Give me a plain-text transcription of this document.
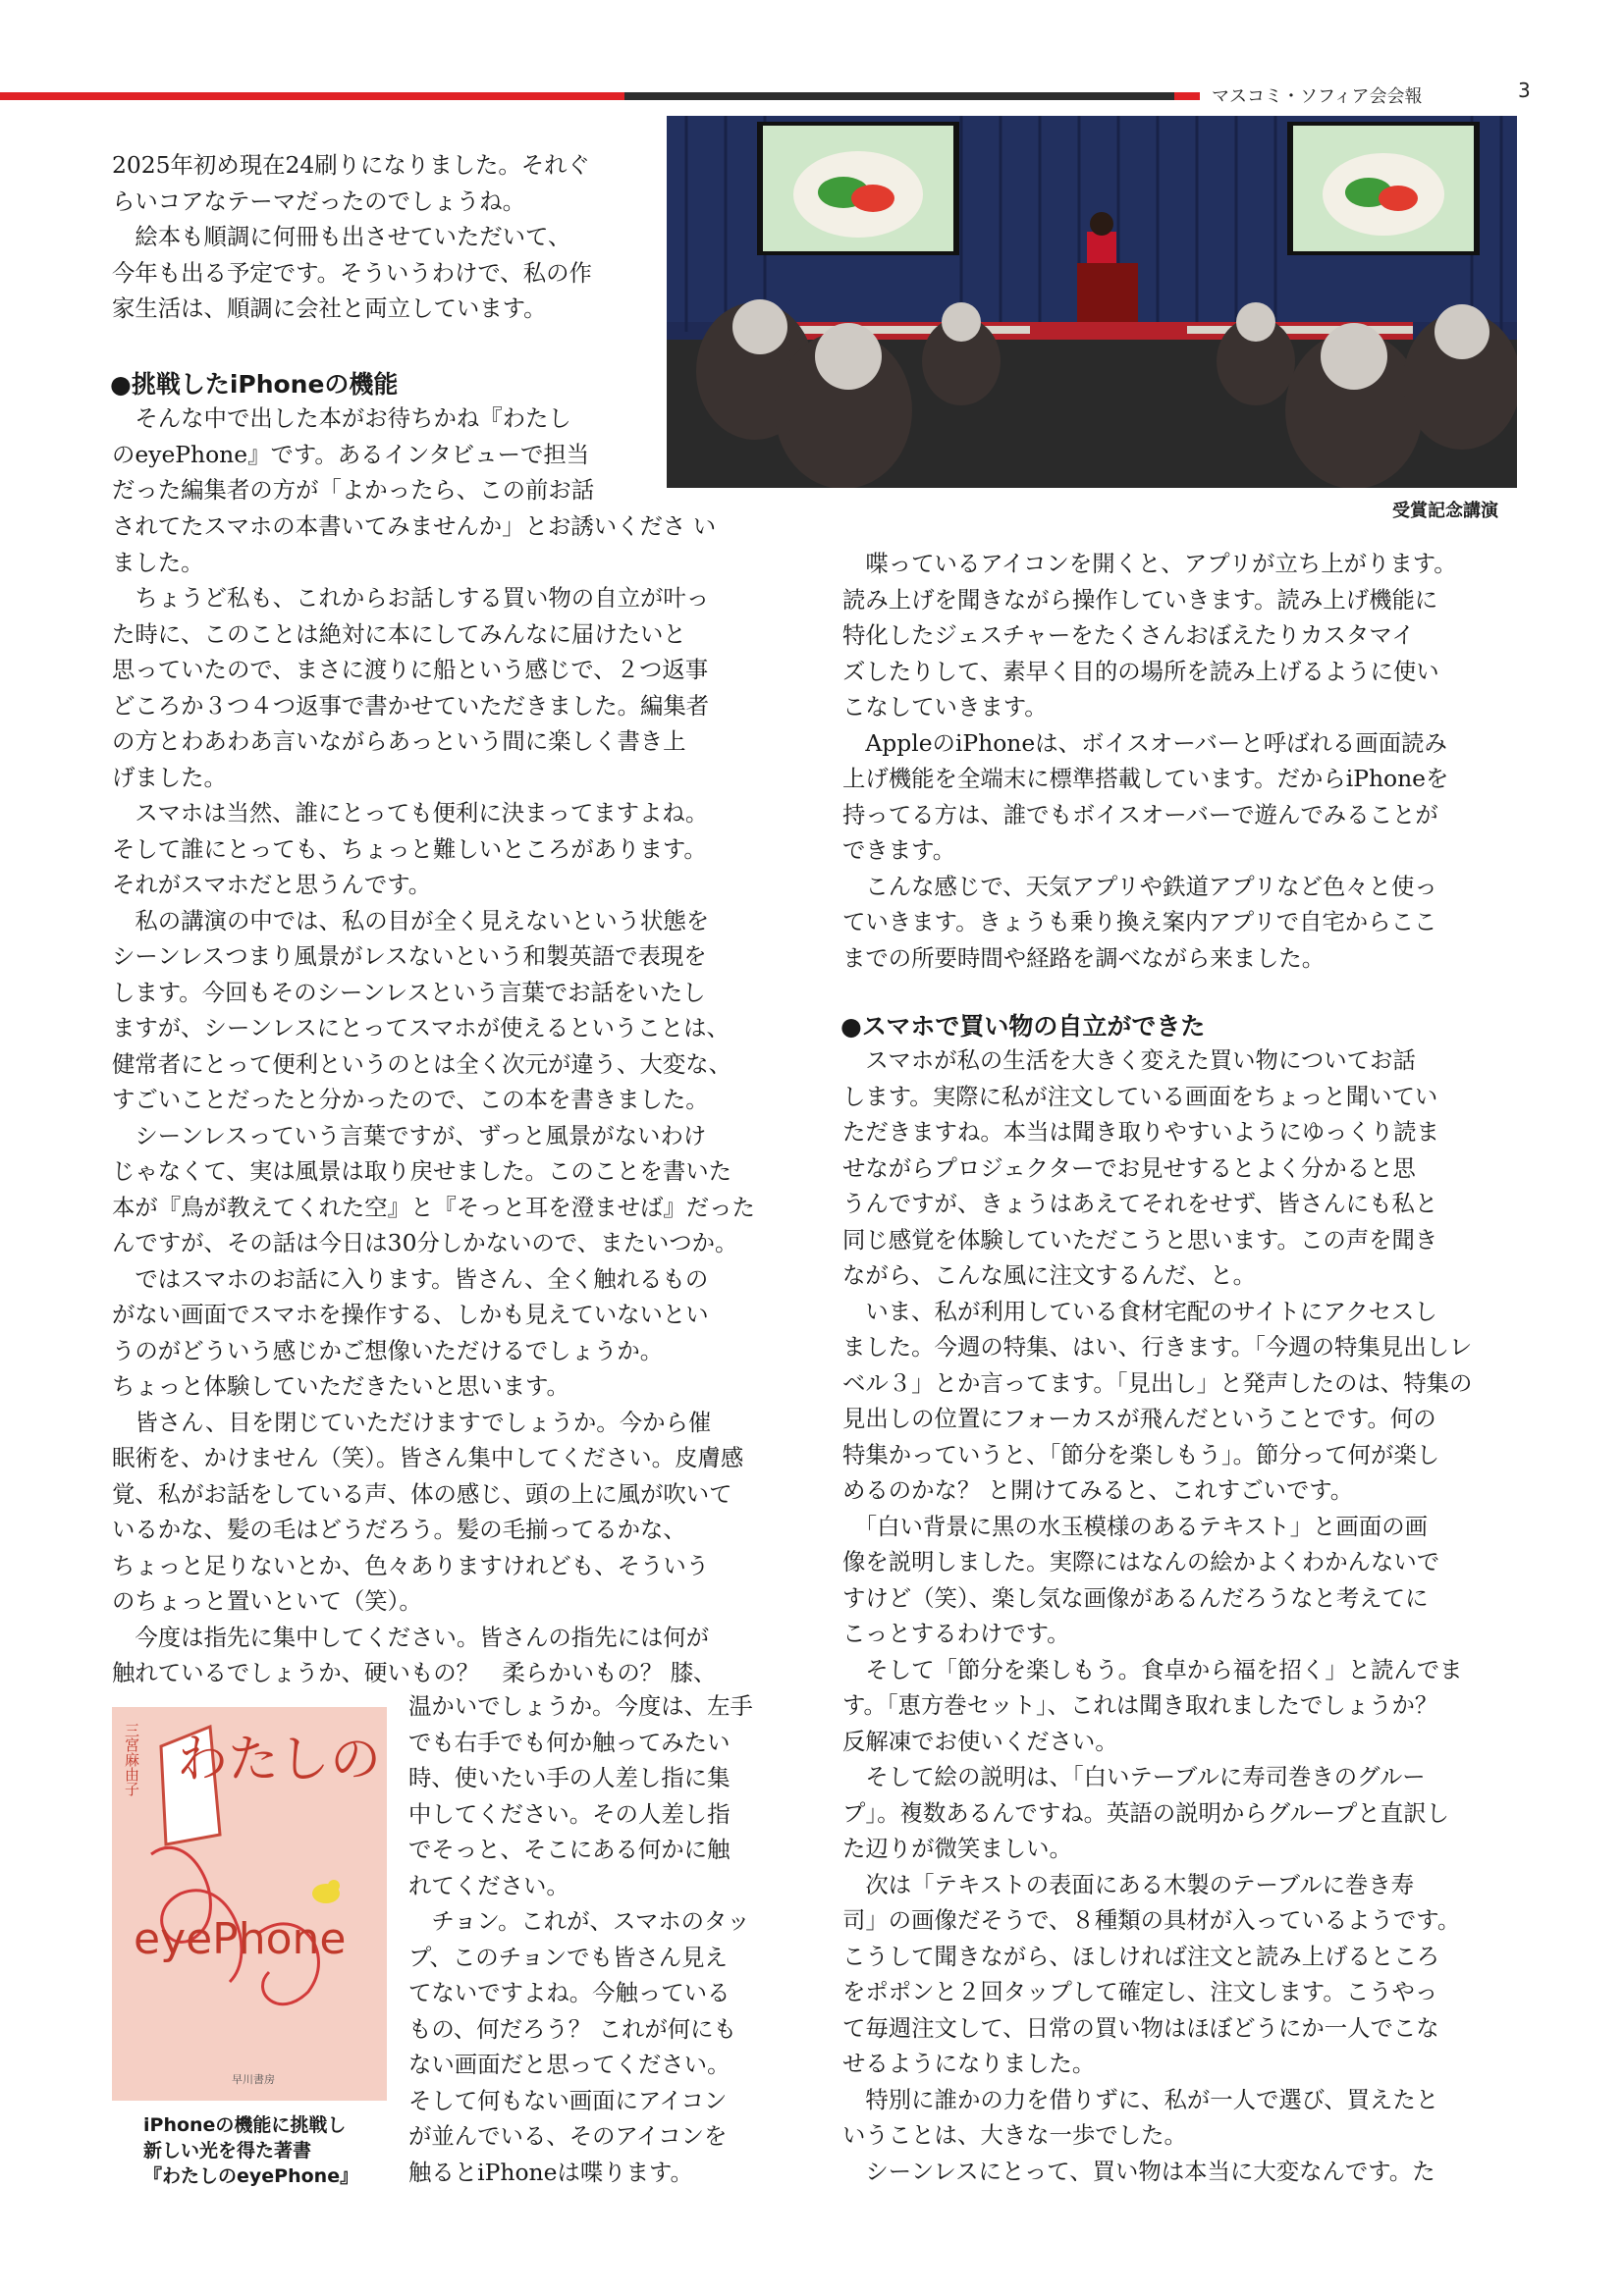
マスコミ・ソフィア会会報	3
受賞記念講演
三宮麻由子 わたしの
eyePhone
早川書房
iPhoneの機能に挑戦し
新しい光を得た著書
『わたしのeyePhone』
●挑戦したiPhoneの機能
●スマホで買い物の自立ができた
2025年初め現在24刷りになりました。それぐ
らいコアなテーマだったのでしょうね。
　絵本も順調に何冊も出させていただいて、
今年も出る予定です。そういうわけで、私の作
家生活は、順調に会社と両立しています。
　そんな中で出した本がお待ちかね『わたし
のeyePhone』です。あるインタビューで担当
だった編集者の方が「よかったら、この前お話
されてたスマホの本書いてみませんか」とお誘いくださ い
ました。
　ちょうど私も、これからお話しする買い物の自立が叶っ
た時に、このことは絶対に本にしてみんなに届けたいと
思っていたので、まさに渡りに船という感じで、２つ返事
どころか３つ４つ返事で書かせていただきました。編集者
の方とわあわあ言いながらあっという間に楽しく書き上
げました。
　スマホは当然、誰にとっても便利に決まってますよね。
そして誰にとっても、ちょっと難しいところがあります。
それがスマホだと思うんです。
　私の講演の中では、私の目が全く見えないという状態を
シーンレスつまり風景がレスないという和製英語で表現を
します。今回もそのシーンレスという言葉でお話をいたし
ますが、シーンレスにとってスマホが使えるということは、
健常者にとって便利というのとは全く次元が違う、大変な、
すごいことだったと分かったので、この本を書きました。
　シーンレスっていう言葉ですが、ずっと風景がないわけ
じゃなくて、実は風景は取り戻せました。このことを書いた
本が『鳥が教えてくれた空』と『そっと耳を澄ませば』だった
んですが、その話は今日は30分しかないので、またいつか。
　ではスマホのお話に入ります。皆さん、全く触れるもの
がない画面でスマホを操作する、しかも見えていないとい
うのがどういう感じかご想像いただけるでしょうか。
ちょっと体験していただきたいと思います。
　皆さん、目を閉じていただけますでしょうか。今から催
眠術を、かけません（笑）。皆さん集中してください。皮膚感
覚、私がお話をしている声、体の感じ、頭の上に風が吹いて
いるかな、髪の毛はどうだろう。髪の毛揃ってるかな、
ちょっと足りないとか、色々ありますけれども、そういう
のちょっと置いといて（笑）。
　今度は指先に集中してください。皆さんの指先には何が
触れているでしょうか、硬いもの？　柔らかいもの？ 膝、
温かいでしょうか。今度は、左手
でも右手でも何か触ってみたい
時、使いたい手の人差し指に集
中してください。その人差し指
でそっと、そこにある何かに触
れてください。
　チョン。これが、スマホのタッ
プ、このチョンでも皆さん見え
てないですよね。今触っている
もの、何だろう？ これが何にも
ない画面だと思ってください。
そして何もない画面にアイコン
が並んでいる、そのアイコンを
触るとiPhoneは喋ります。
　喋っているアイコンを開くと、アプリが立ち上がります。
読み上げを聞きながら操作していきます。読み上げ機能に
特化したジェスチャーをたくさんおぼえたりカスタマイ
ズしたりして、素早く目的の場所を読み上げるように使い
こなしていきます。
　AppleのiPhoneは、ボイスオーバーと呼ばれる画面読み
上げ機能を全端末に標準搭載しています。だからiPhoneを
持ってる方は、誰でもボイスオーバーで遊んでみることが
できます。
　こんな感じで、天気アプリや鉄道アプリなど色々と使っ
ていきます。きょうも乗り換え案内アプリで自宅からここ
までの所要時間や経路を調べながら来ました。
　スマホが私の生活を大きく変えた買い物についてお話
します。実際に私が注文している画面をちょっと聞いてい
ただきますね。本当は聞き取りやすいようにゆっくり読ま
せながらプロジェクターでお見せするとよく分かると思
うんですが、きょうはあえてそれをせず、皆さんにも私と
同じ感覚を体験していただこうと思います。この声を聞き
ながら、こんな風に注文するんだ、と。
　いま、私が利用している食材宅配のサイトにアクセスし
ました。今週の特集、はい、行きます。「今週の特集見出しレ
ベル３」とか言ってます。「見出し」と発声したのは、特集の
見出しの位置にフォーカスが飛んだということです。何の
特集かっていうと、「節分を楽しもう」。節分って何が楽し
めるのかな？ と開けてみると、これすごいです。
　「白い背景に黒の水玉模様のあるテキスト」と画面の画
像を説明しました。実際にはなんの絵かよくわかんないで
すけど（笑）、楽し気な画像があるんだろうなと考えてに
こっとするわけです。
　そして「節分を楽しもう。食卓から福を招く」と読んでま
す。「恵方巻セット」、これは聞き取れましたでしょうか？
反解凍でお使いください。
　そして絵の説明は、「白いテーブルに寿司巻きのグルー
プ」。複数あるんですね。英語の説明からグループと直訳し
た辺りが微笑ましい。
　次は「テキストの表面にある木製のテーブルに巻き寿
司」の画像だそうで、８種類の具材が入っているようです。
こうして聞きながら、ほしければ注文と読み上げるところ
をポポンと２回タップして確定し、注文します。こうやっ
て毎週注文して、日常の買い物はほぼどうにか一人でこな
せるようになりました。
　特別に誰かの力を借りずに、私が一人で選び、買えたと
いうことは、大きな一歩でした。
　シーンレスにとって、買い物は本当に大変なんです。た
